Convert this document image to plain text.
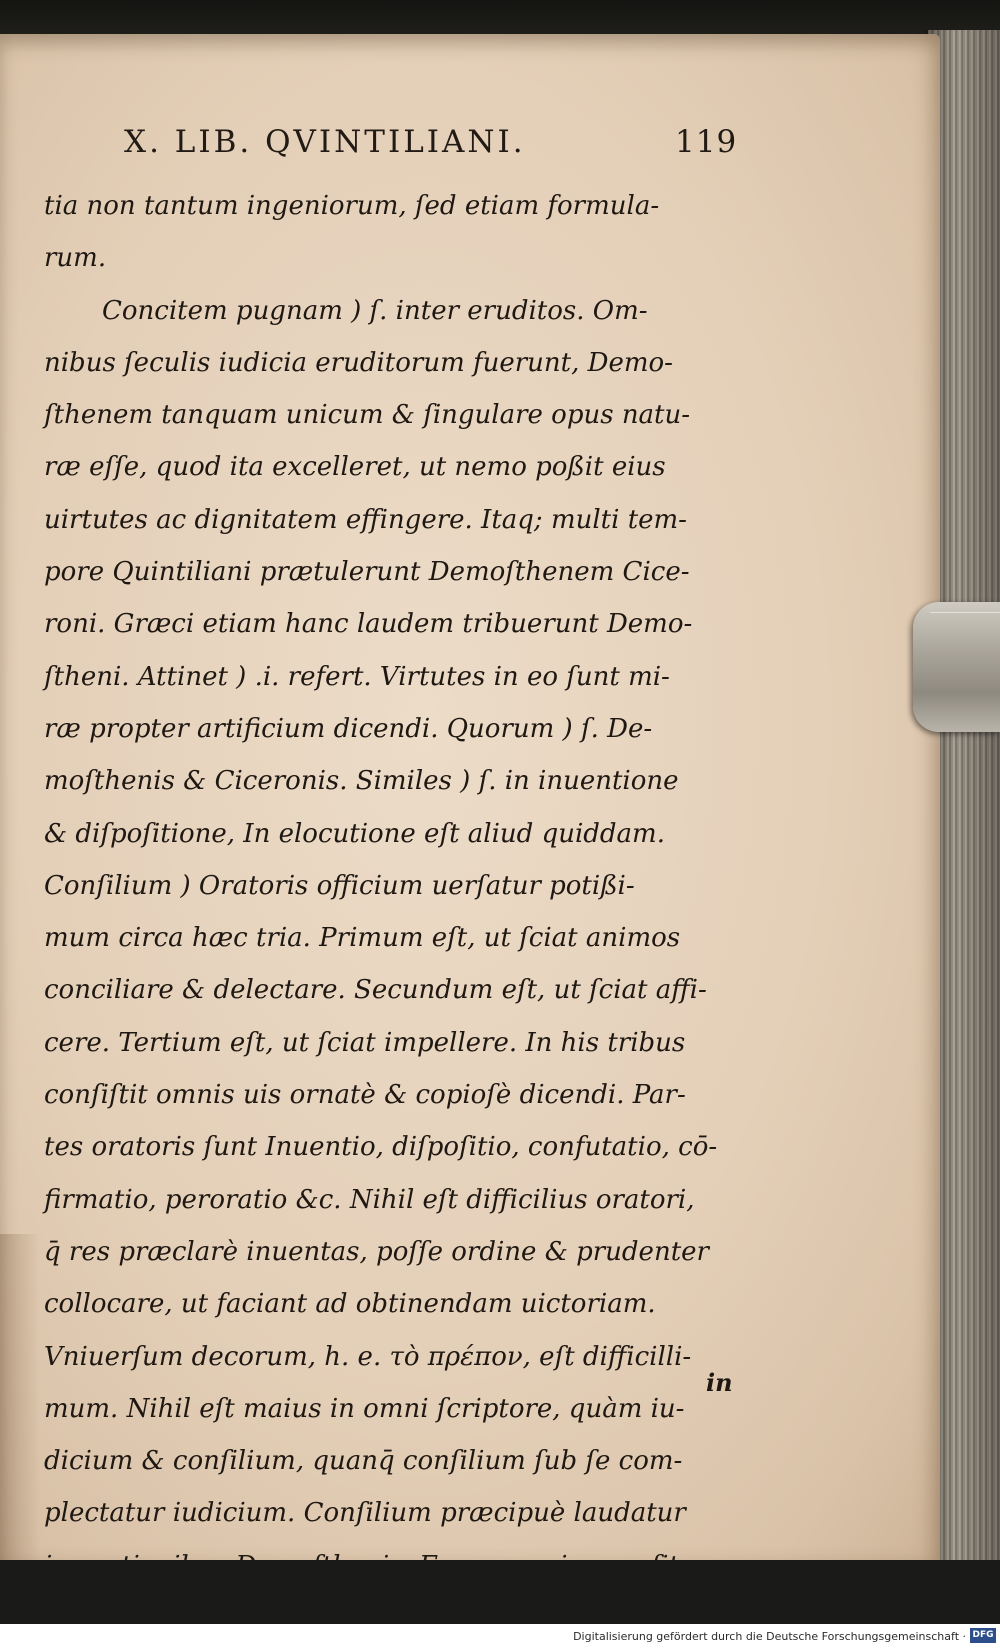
X. LIB. QVINTILIANI.	119
tia non tantum ingeniorum, ſed etiam formula-
rum.
Concitem pugnam ) ſ. inter eruditos. Om-
nibus ſeculis iudicia eruditorum fuerunt, Demo-
ſthenem tanquam unicum & ſingulare opus natu-
ræ eſſe, quod ita excelleret, ut nemo poßit eius
uirtutes ac dignitatem effingere. Itaq; multi tem-
pore Quintiliani prætulerunt Demoſthenem Cice-
roni. Græci etiam hanc laudem tribuerunt Demo-
ſtheni. Attinet ) .i. refert. Virtutes in eo ſunt mi-
ræ propter artificium dicendi. Quorum ) ſ. De-
moſthenis & Ciceronis. Similes ) ſ. in inuentione
& diſpoſitione, In elocutione eſt aliud quiddam.
Conſilium ) Oratoris officium uerſatur potißi-
mum circa hæc tria. Primum eſt, ut ſciat animos
conciliare & delectare. Secundum eſt, ut ſciat affi-
cere. Tertium eſt, ut ſciat impellere. In his tribus
conſiſtit omnis uis ornatè & copioſè dicendi. Par-
tes oratoris ſunt Inuentio, diſpoſitio, confutatio, cō-
firmatio, peroratio &c. Nihil eſt difficilius oratori,
q̄ res præclarè inuentas, poſſe ordine & prudenter
collocare, ut faciant ad obtinendam uictoriam.
Vniuerſum decorum, h. e. τὸ πρέπον, eſt difficilli-
mum. Nihil eſt maius in omni ſcriptore, quàm iu-
dicium & conſilium, quanq̄ conſilium ſub ſe com-
plectatur iudicium. Conſilium præcipuè laudatur
in
Digitalisierung gefördert durch die Deutsche Forschungsgemeinschaft · DFG
